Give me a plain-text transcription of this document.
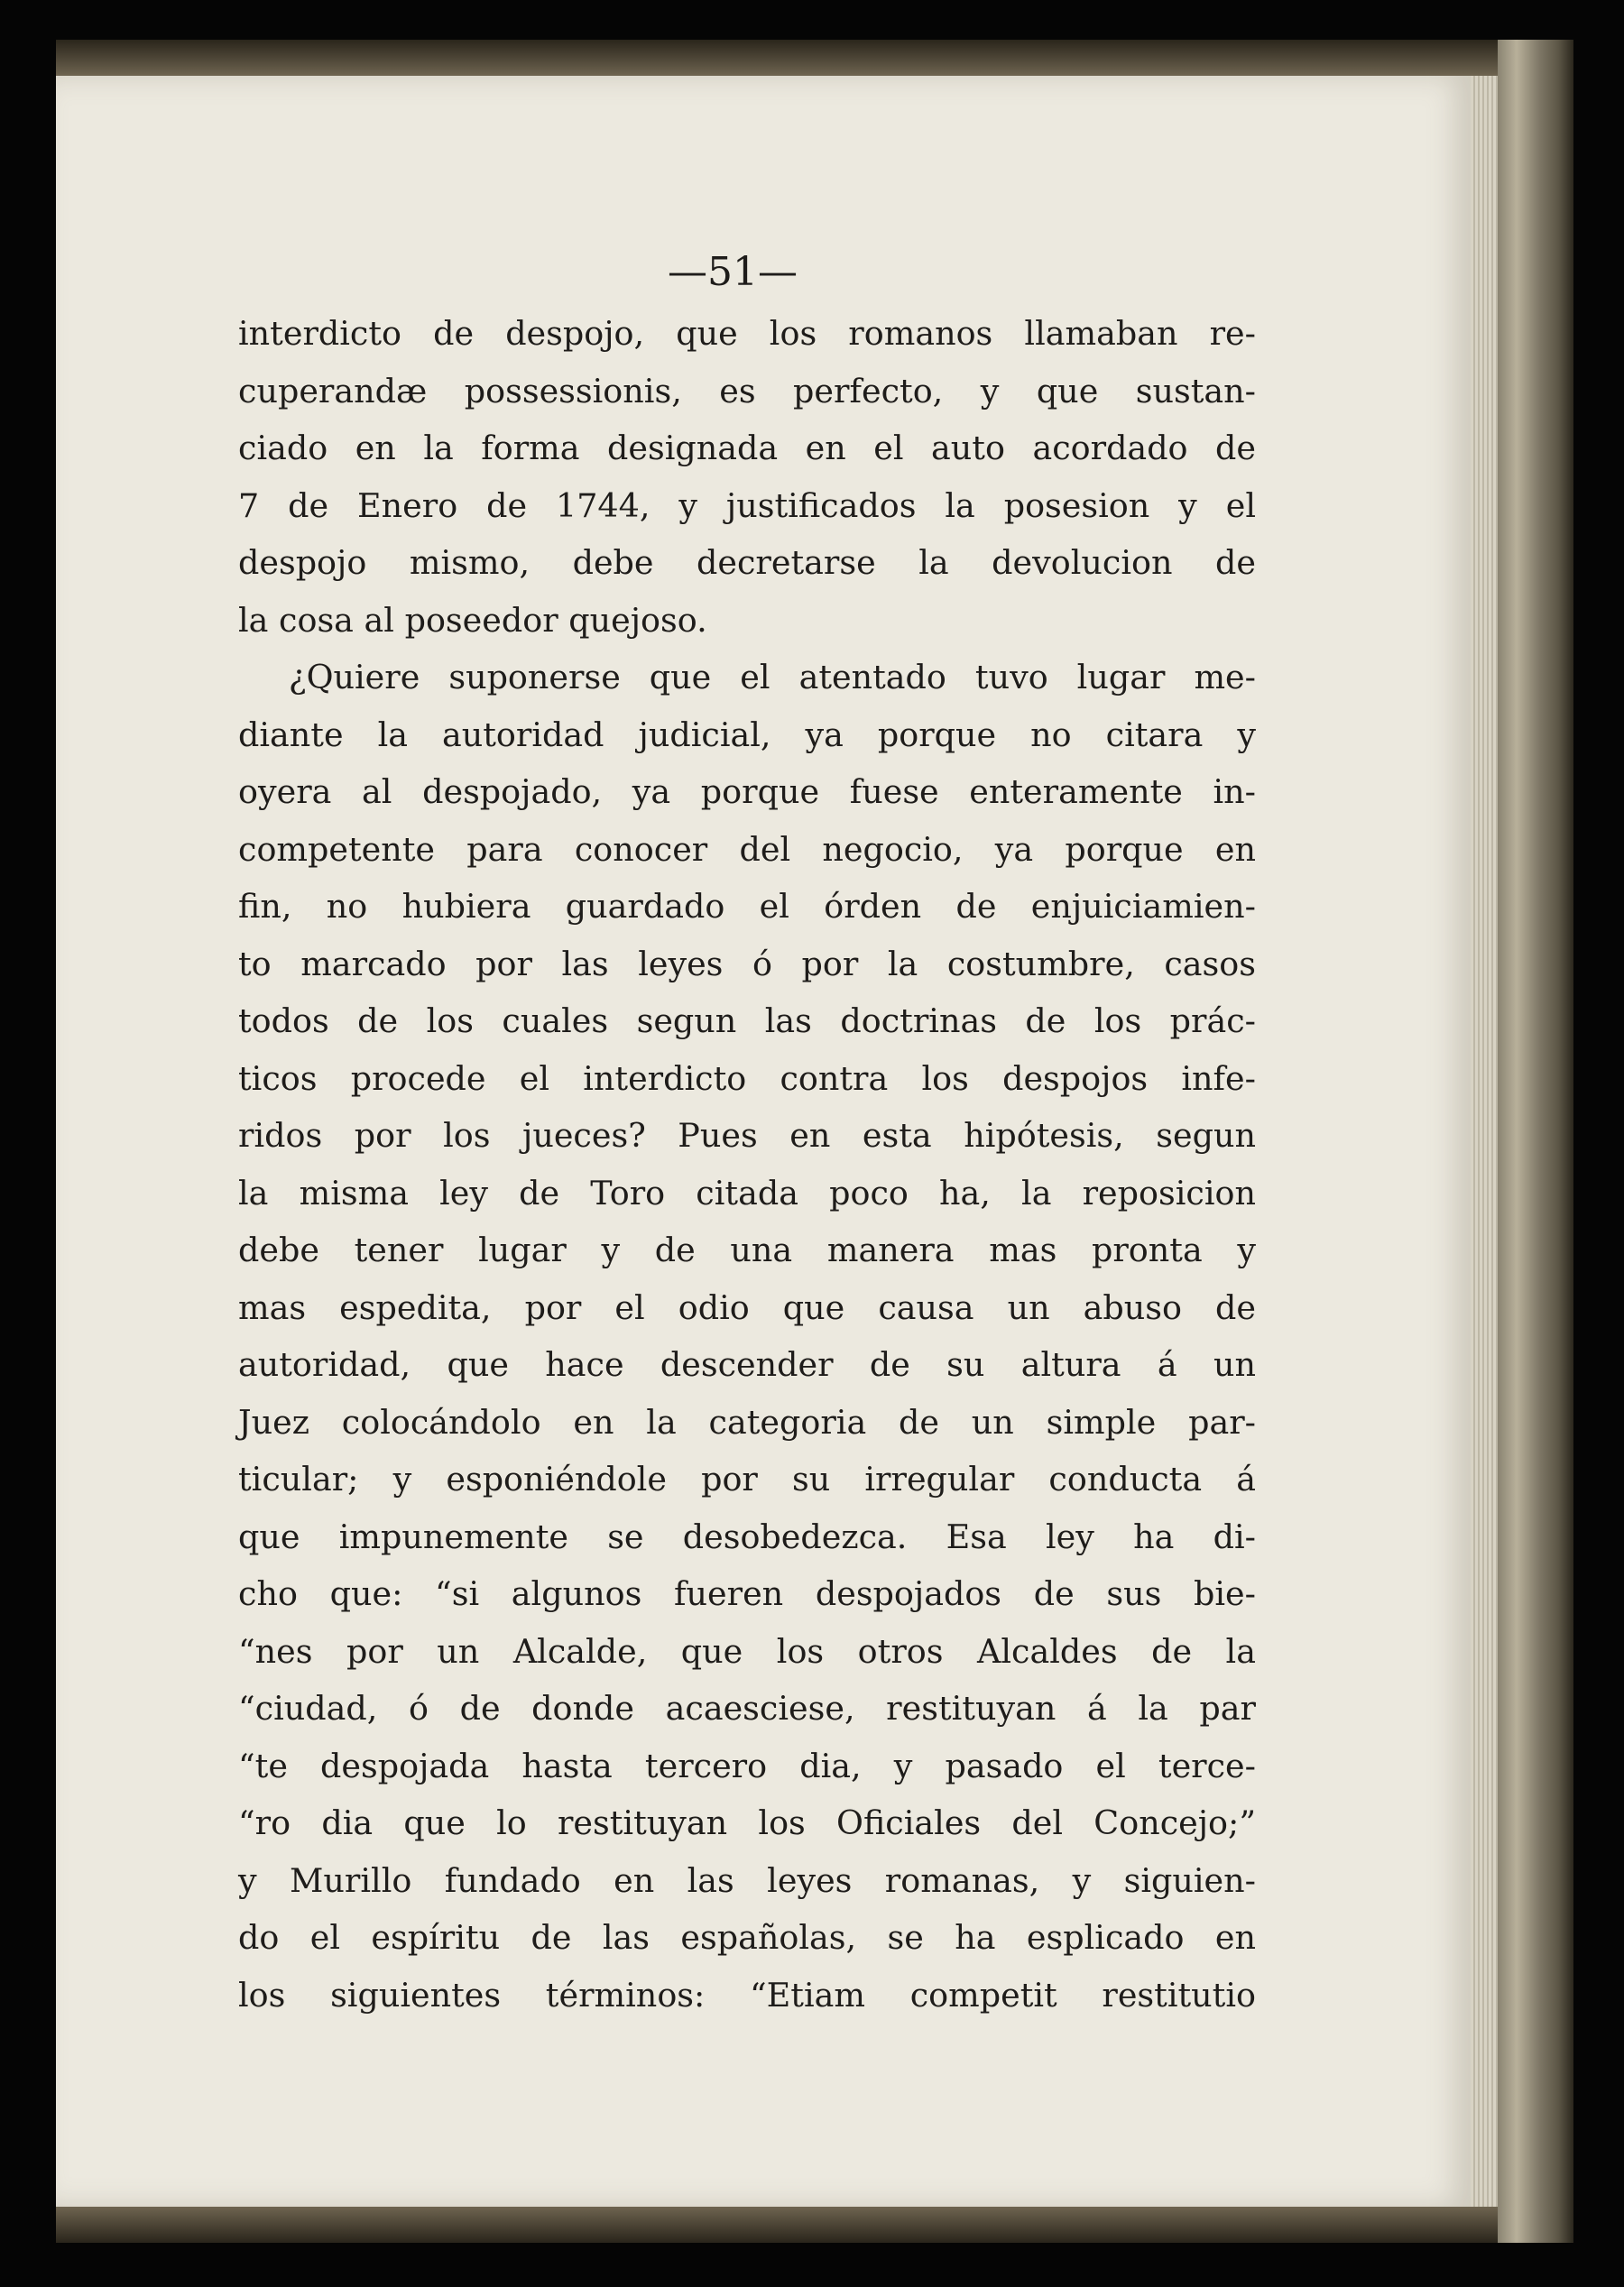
—51—

interdicto de despojo, que los romanos llamaban re-
cuperandæ possessionis, es perfecto, y que sustan-
ciado en la forma designada en el auto acordado de
7 de Enero de 1744, y justificados la posesion y el
despojo mismo, debe decretarse la devolucion de
la cosa al poseedor quejoso.

¿Quiere suponerse que el atentado tuvo lugar me-
diante la autoridad judicial, ya porque no citara y
oyera al despojado, ya porque fuese enteramente in-
competente para conocer del negocio, ya porque en
fin, no hubiera guardado el órden de enjuiciamien-
to marcado por las leyes ó por la costumbre, casos
todos de los cuales segun las doctrinas de los prác-
ticos procede el interdicto contra los despojos infe-
ridos por los jueces? Pues en esta hipótesis, segun
la misma ley de Toro citada poco ha, la reposicion
debe tener lugar y de una manera mas pronta y
mas espedita, por el odio que causa un abuso de
autoridad, que hace descender de su altura á un
Juez colocándolo en la categoria de un simple par-
ticular; y esponiéndole por su irregular conducta á
que impunemente se desobedezca. Esa ley ha di-
cho que: “si algunos fueren despojados de sus bie-
“nes por un Alcalde, que los otros Alcaldes de la
“ciudad, ó de donde acaesciese, restituyan á la par
“te despojada hasta tercero dia, y pasado el terce-
“ro dia que lo restituyan los Oficiales del Concejo;”
y Murillo fundado en las leyes romanas, y siguien-
do el espíritu de las españolas, se ha esplicado en
los siguientes términos: “Etiam competit restitutio
